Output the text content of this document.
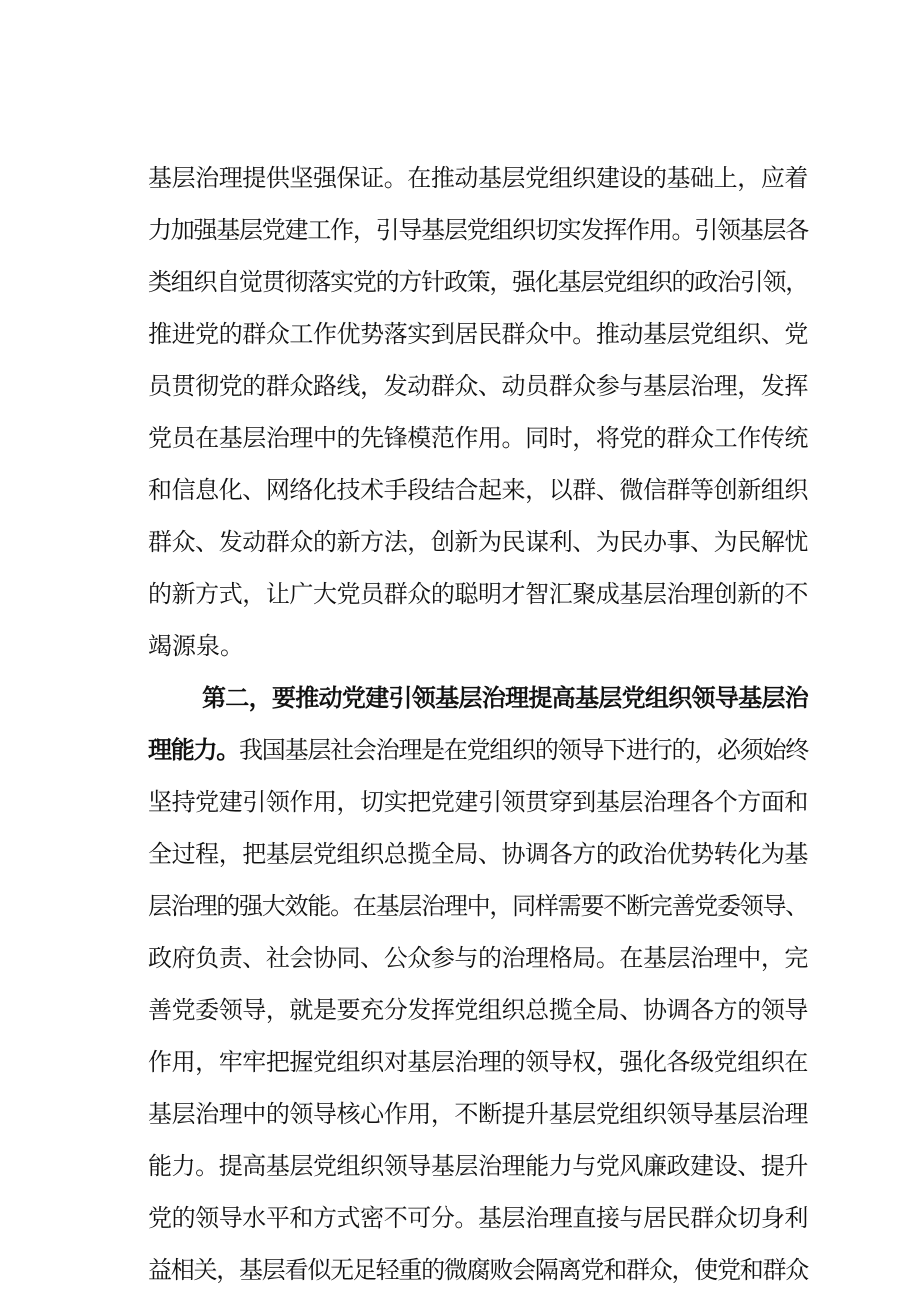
基层治理提供坚强保证。在推动基层党组织建设的基础上，应着
力加强基层党建工作，引导基层党组织切实发挥作用。引领基层各
类组织自觉贯彻落实党的方针政策，强化基层党组织的政治引领，
推进党的群众工作优势落实到居民群众中。推动基层党组织、党
员贯彻党的群众路线，发动群众、动员群众参与基层治理，发挥
党员在基层治理中的先锋模范作用。同时，将党的群众工作传统
和信息化、网络化技术手段结合起来，以群、微信群等创新组织
群众、发动群众的新方法，创新为民谋利、为民办事、为民解忧
的新方式，让广大党员群众的聪明才智汇聚成基层治理创新的不
竭源泉。
第二，要推动党建引领基层治理提高基层党组织领导基层治
理能力。我国基层社会治理是在党组织的领导下进行的，必须始终
坚持党建引领作用，切实把党建引领贯穿到基层治理各个方面和
全过程，把基层党组织总揽全局、协调各方的政治优势转化为基
层治理的强大效能。在基层治理中，同样需要不断完善党委领导、
政府负责、社会协同、公众参与的治理格局。在基层治理中，完
善党委领导，就是要充分发挥党组织总揽全局、协调各方的领导
作用，牢牢把握党组织对基层治理的领导权，强化各级党组织在
基层治理中的领导核心作用，不断提升基层党组织领导基层治理
能力。提高基层党组织领导基层治理能力与党风廉政建设、提升
党的领导水平和方式密不可分。基层治理直接与居民群众切身利
益相关，基层看似无足轻重的微腐败会隔离党和群众，使党和群众
